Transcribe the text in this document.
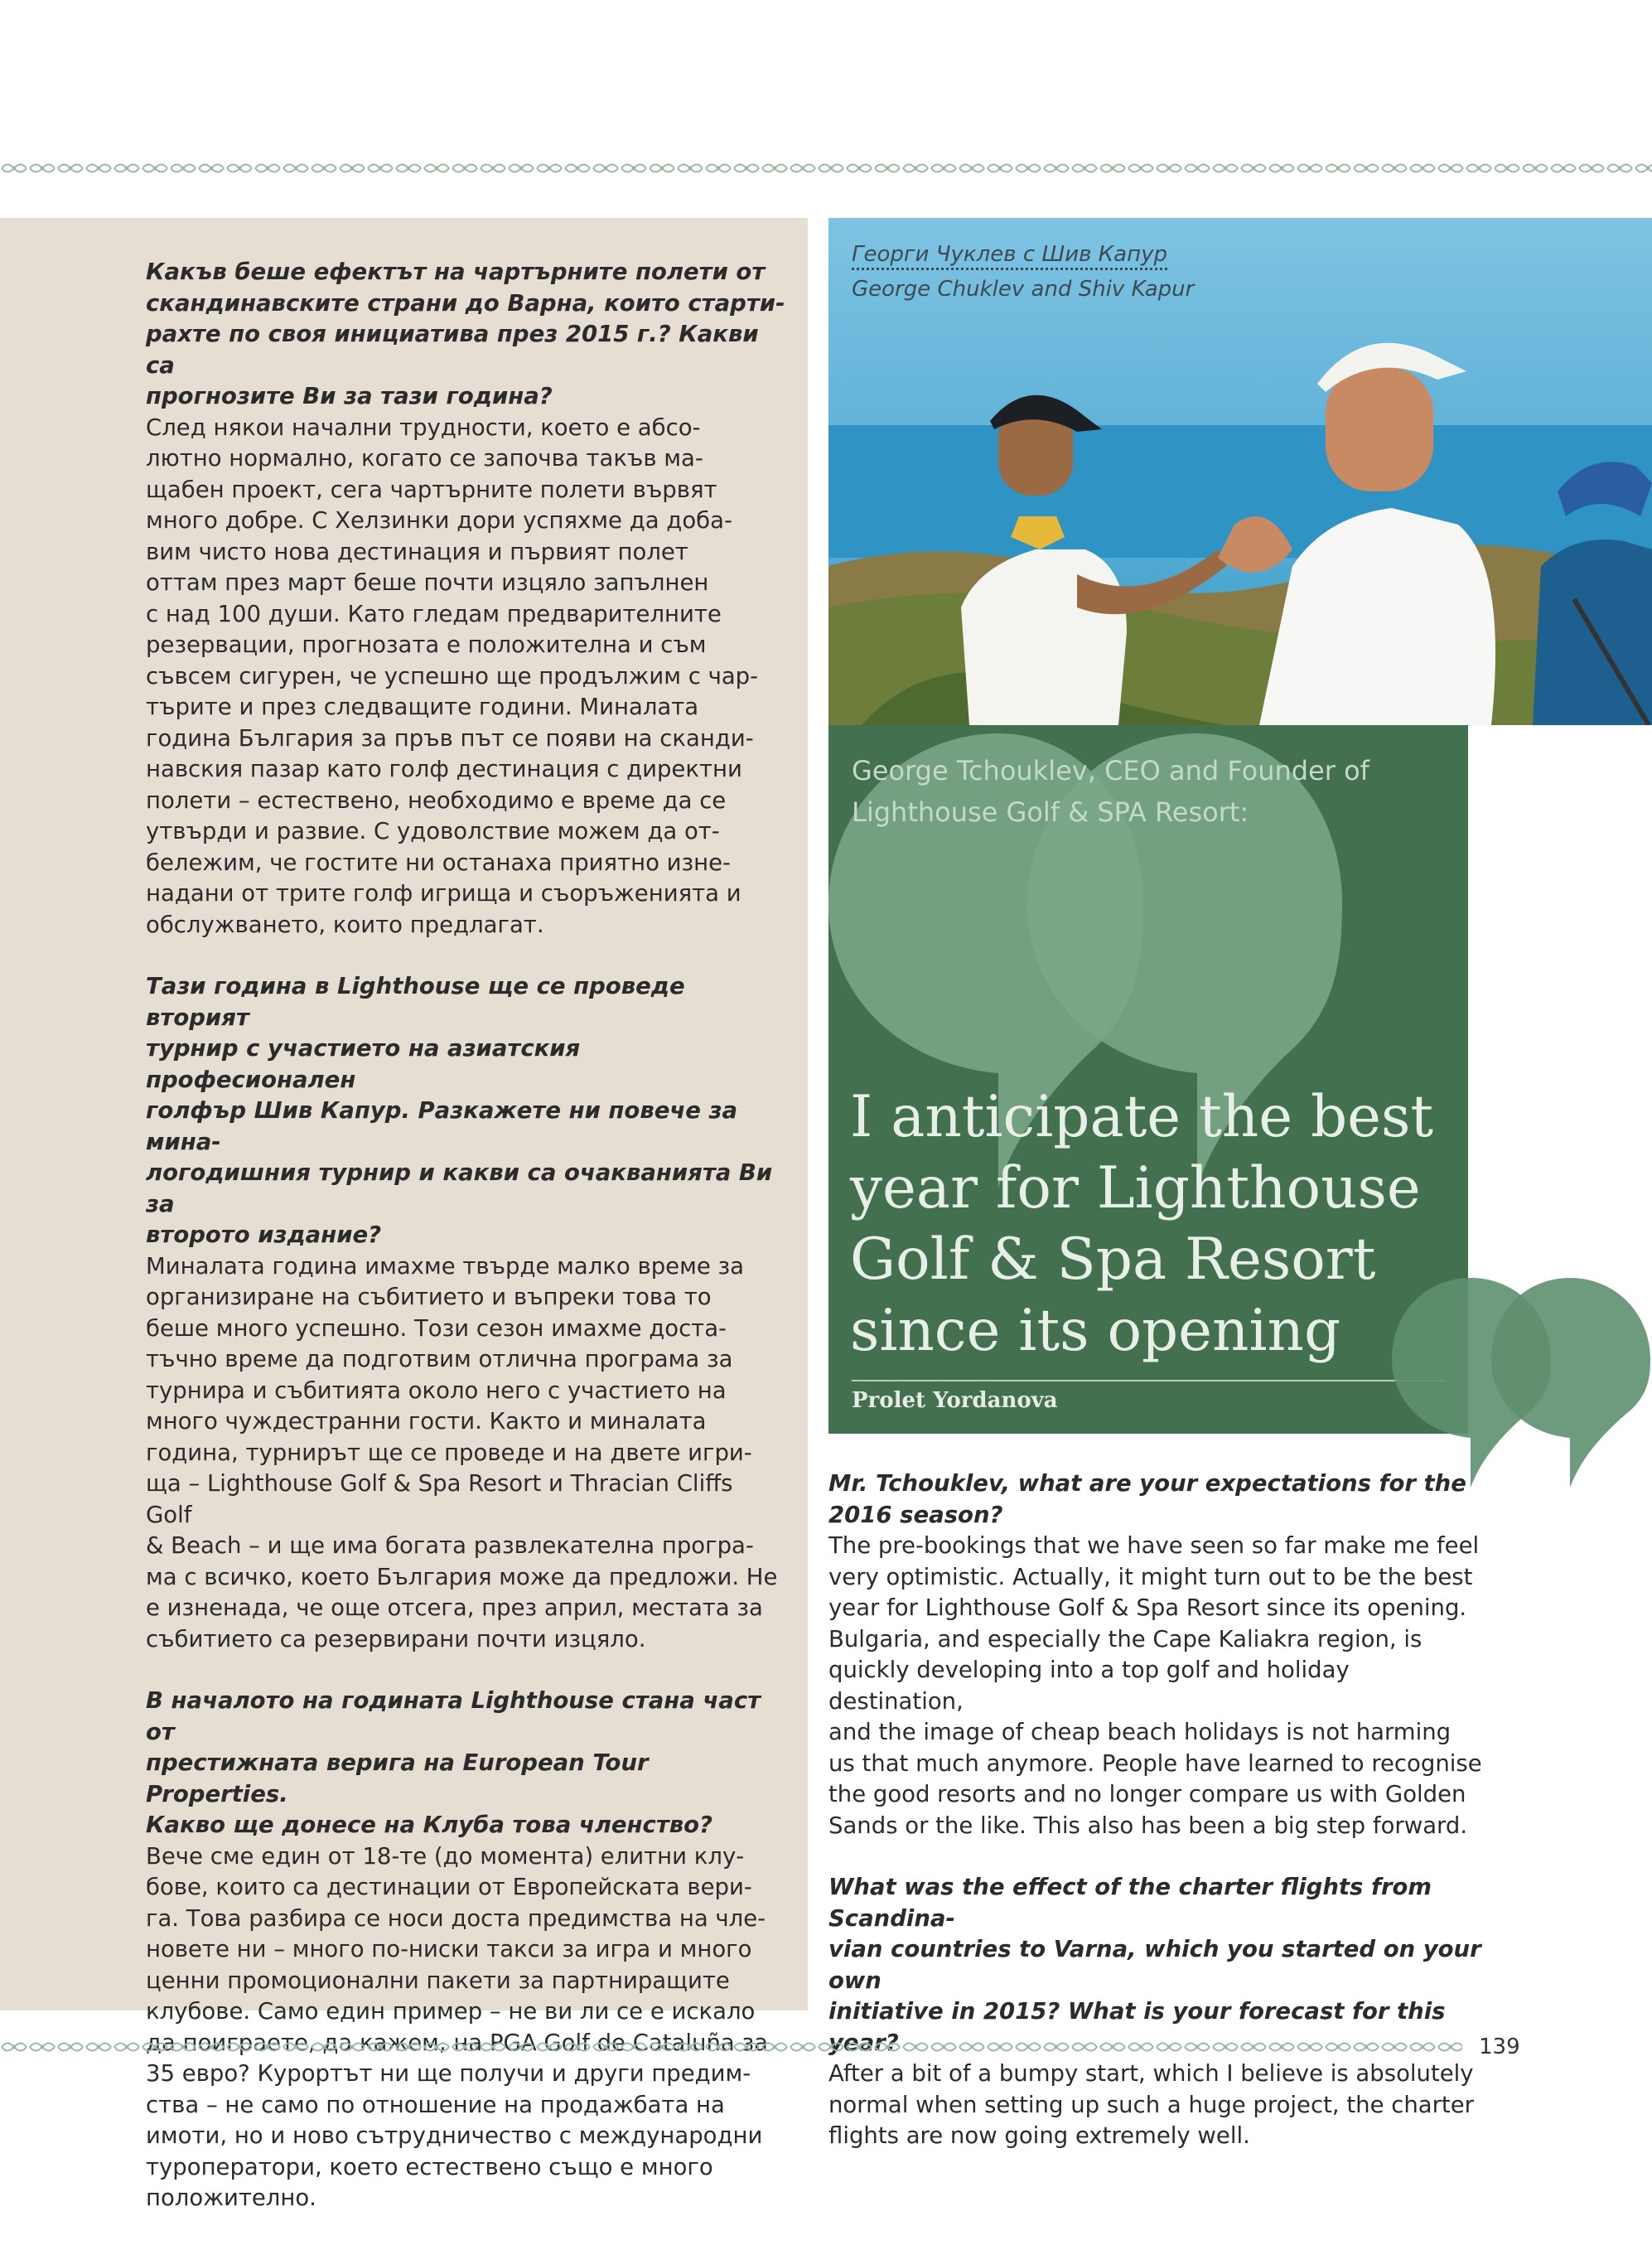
Какъв беше ефектът на чартърните полети от
скандинавските страни до Варна, които старти-
рахте по своя инициатива през 2015 г.? Какви са
прогнозите Ви за тази година?

След някои начални трудности, което е абсо-
лютно нормално, когато се започва такъв ма-
щабен проект, сега чартърните полети вървят
много добре. С Хелзинки дори успяхме да доба-
вим чисто нова дестинация и първият полет
оттам през март беше почти изцяло запълнен
с над 100 души. Като гледам предварителните
резервации, прогнозата е положителна и съм
съвсем сигурен, че успешно ще продължим с чар-
търите и през следващите години. Миналата
година България за пръв път се появи на сканди-
навския пазар като голф дестинация с директни
полети – естествено, необходимо е време да се
утвърди и развие. С удоволствие можем да от-
бележим, че гостите ни останаха приятно изне-
надани от трите голф игрища и съоръженията и
обслужването, които предлагат.

Тази година в Lighthouse ще се проведе вторият
турнир с участието на азиатския професионален
голфър Шив Капур. Разкажете ни повече за мина-
логодишния турнир и какви са очакванията Ви за
второто издание?

Миналата година имахме твърде малко време за
организиране на събитието и въпреки това то
беше много успешно. Този сезон имахме доста-
тъчно време да подготвим отлична програма за
турнира и събитията около него с участието на
много чуждестранни гости. Както и миналата
година, турнирът ще се проведе и на двете игри-
ща – Lighthouse Golf & Spa Resort и Thracian Cliffs Golf
& Beach – и ще има богата развлекателна програ-
ма с всичко, което България може да предложи. Не
е изненада, че още отсега, през април, местата за
събитието са резервирани почти изцяло.

В началото на годината Lighthouse стана част от
престижната верига на European Tour Properties.
Какво ще донесе на Клуба това членство?

Вече сме един от 18-те (до момента) елитни клу-
бове, които са дестинации от Европейската вери-
га. Това разбира се носи доста предимства на чле-
новете ни – много по-ниски такси за игра и много
ценни промоционални пакети за партниращите
клубове. Само един пример – не ви ли се е искало

35 евро? Курортът ни ще получи и други предим-
ства – не само по отношение на продажбата на
имоти, но и ново сътрудничество с международни
туроператори, което естествено също е много
положително.

Георги Чуклев с Шив Капур
George Chuklev and Shiv Kapur
George Tchouklev, CEO and Founder of
Lighthouse Golf & SPA Resort:
I anticipate the best
year for Lighthouse
Golf & Spa Resort
since its opening
Prolet Yordanova

Mr. Tchouklev, what are your expectations for the 2016 season?

The pre-bookings that we have seen so far make me feel
very optimistic. Actually, it might turn out to be the best
year for Lighthouse Golf & Spa Resort since its opening.
Bulgaria, and especially the Cape Kaliakra region, is
quickly developing into a top golf and holiday destination,
and the image of cheap beach holidays is not harming
us that much anymore. People have learned to recognise
the good resorts and no longer compare us with Golden
Sands or the like. This also has been a big step forward.

What was the effect of the charter flights from Scandina-
vian countries to Varna, which you started on your own
initiative in 2015? What is your forecast for this

After a bit of a bumpy start, which I believe is absolutely
normal when setting up such a huge project, the charter
flights are now going extremely well.

139
